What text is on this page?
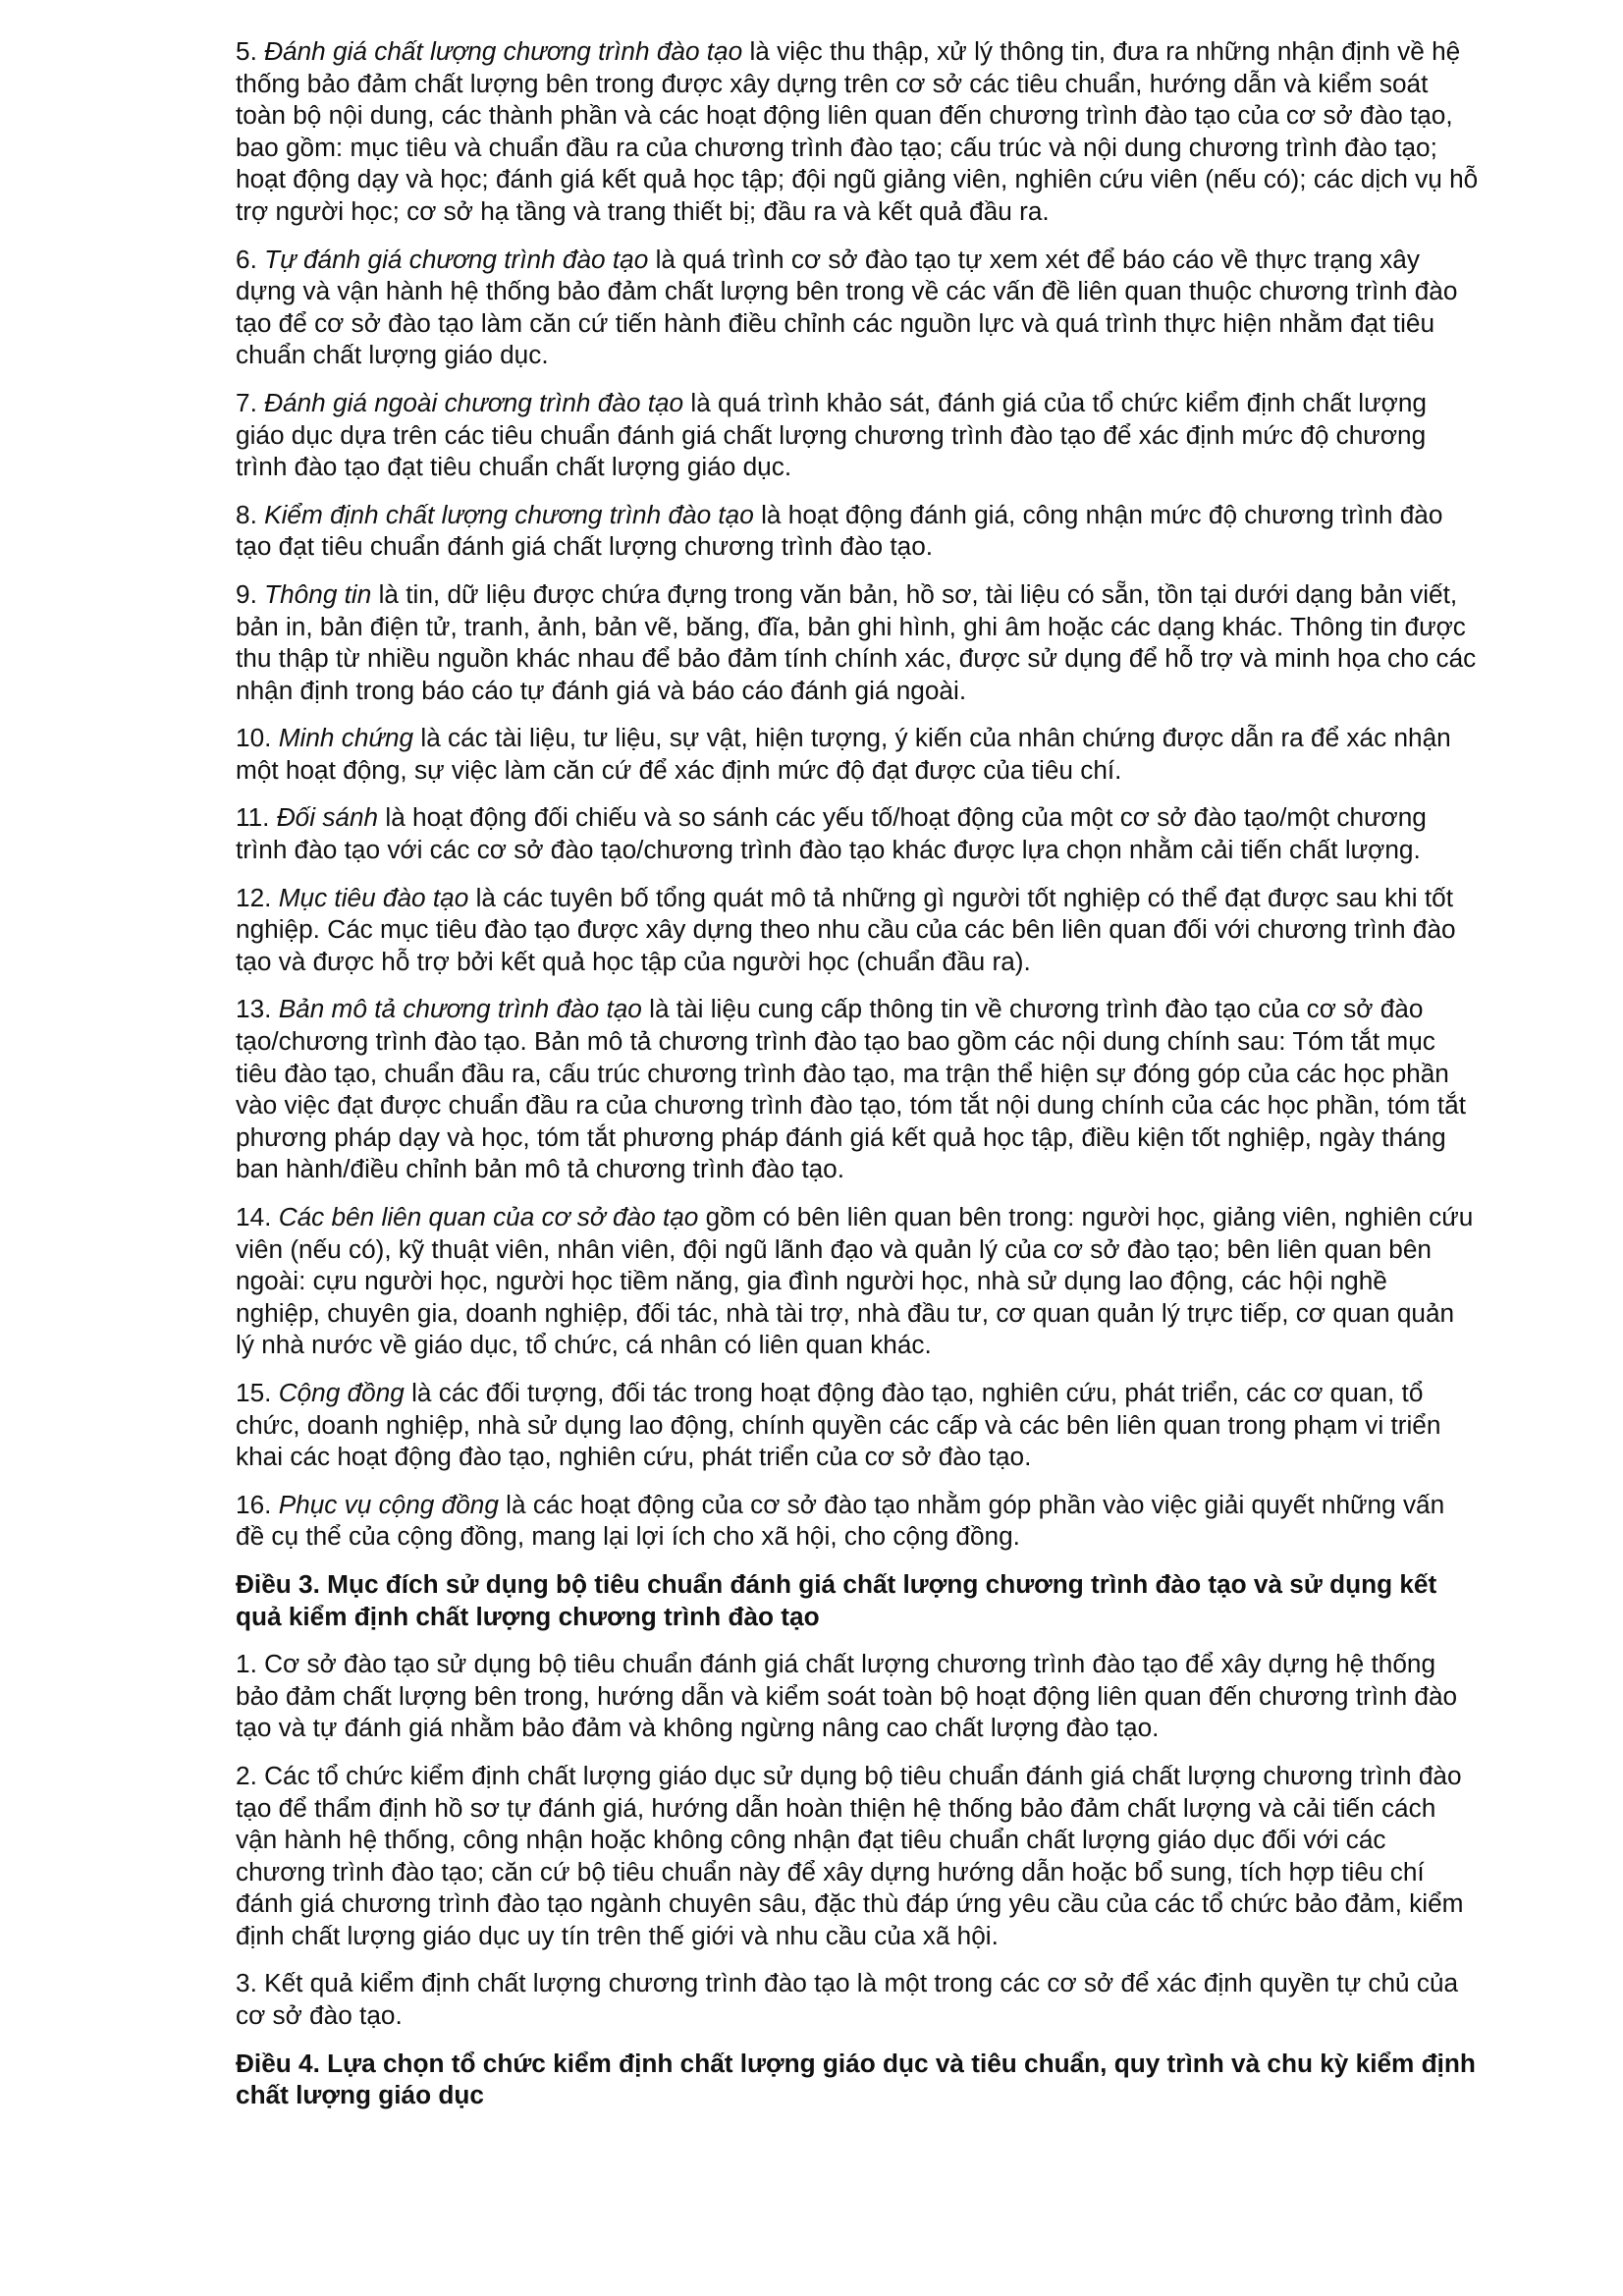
5. Đánh giá chất lượng chương trình đào tạo là việc thu thập, xử lý thông tin, đưa ra những nhận định về hệ thống bảo đảm chất lượng bên trong được xây dựng trên cơ sở các tiêu chuẩn, hướng dẫn và kiểm soát toàn bộ nội dung, các thành phần và các hoạt động liên quan đến chương trình đào tạo của cơ sở đào tạo, bao gồm: mục tiêu và chuẩn đầu ra của chương trình đào tạo; cấu trúc và nội dung chương trình đào tạo; hoạt động dạy và học; đánh giá kết quả học tập; đội ngũ giảng viên, nghiên cứu viên (nếu có); các dịch vụ hỗ trợ người học; cơ sở hạ tầng và trang thiết bị; đầu ra và kết quả đầu ra.

6. Tự đánh giá chương trình đào tạo là quá trình cơ sở đào tạo tự xem xét để báo cáo về thực trạng xây dựng và vận hành hệ thống bảo đảm chất lượng bên trong về các vấn đề liên quan thuộc chương trình đào tạo để cơ sở đào tạo làm căn cứ tiến hành điều chỉnh các nguồn lực và quá trình thực hiện nhằm đạt tiêu chuẩn chất lượng giáo dục.

7. Đánh giá ngoài chương trình đào tạo là quá trình khảo sát, đánh giá của tổ chức kiểm định chất lượng giáo dục dựa trên các tiêu chuẩn đánh giá chất lượng chương trình đào tạo để xác định mức độ chương trình đào tạo đạt tiêu chuẩn chất lượng giáo dục.

8. Kiểm định chất lượng chương trình đào tạo là hoạt động đánh giá, công nhận mức độ chương trình đào tạo đạt tiêu chuẩn đánh giá chất lượng chương trình đào tạo.

9. Thông tin là tin, dữ liệu được chứa đựng trong văn bản, hồ sơ, tài liệu có sẵn, tồn tại dưới dạng bản viết, bản in, bản điện tử, tranh, ảnh, bản vẽ, băng, đĩa, bản ghi hình, ghi âm hoặc các dạng khác. Thông tin được thu thập từ nhiều nguồn khác nhau để bảo đảm tính chính xác, được sử dụng để hỗ trợ và minh họa cho các nhận định trong báo cáo tự đánh giá và báo cáo đánh giá ngoài.

10. Minh chứng là các tài liệu, tư liệu, sự vật, hiện tượng, ý kiến của nhân chứng được dẫn ra để xác nhận một hoạt động, sự việc làm căn cứ để xác định mức độ đạt được của tiêu chí.

11. Đối sánh là hoạt động đối chiếu và so sánh các yếu tố/hoạt động của một cơ sở đào tạo/một chương trình đào tạo với các cơ sở đào tạo/chương trình đào tạo khác được lựa chọn nhằm cải tiến chất lượng.

12. Mục tiêu đào tạo là các tuyên bố tổng quát mô tả những gì người tốt nghiệp có thể đạt được sau khi tốt nghiệp. Các mục tiêu đào tạo được xây dựng theo nhu cầu của các bên liên quan đối với chương trình đào tạo và được hỗ trợ bởi kết quả học tập của người học (chuẩn đầu ra).

13. Bản mô tả chương trình đào tạo là tài liệu cung cấp thông tin về chương trình đào tạo của cơ sở đào tạo/chương trình đào tạo. Bản mô tả chương trình đào tạo bao gồm các nội dung chính sau: Tóm tắt mục tiêu đào tạo, chuẩn đầu ra, cấu trúc chương trình đào tạo, ma trận thể hiện sự đóng góp của các học phần vào việc đạt được chuẩn đầu ra của chương trình đào tạo, tóm tắt nội dung chính của các học phần, tóm tắt phương pháp dạy và học, tóm tắt phương pháp đánh giá kết quả học tập, điều kiện tốt nghiệp, ngày tháng ban hành/điều chỉnh bản mô tả chương trình đào tạo.

14. Các bên liên quan của cơ sở đào tạo gồm có bên liên quan bên trong: người học, giảng viên, nghiên cứu viên (nếu có), kỹ thuật viên, nhân viên, đội ngũ lãnh đạo và quản lý của cơ sở đào tạo; bên liên quan bên ngoài: cựu người học, người học tiềm năng, gia đình người học, nhà sử dụng lao động, các hội nghề nghiệp, chuyên gia, doanh nghiệp, đối tác, nhà tài trợ, nhà đầu tư, cơ quan quản lý trực tiếp, cơ quan quản lý nhà nước về giáo dục, tổ chức, cá nhân có liên quan khác.

15. Cộng đồng là các đối tượng, đối tác trong hoạt động đào tạo, nghiên cứu, phát triển, các cơ quan, tổ chức, doanh nghiệp, nhà sử dụng lao động, chính quyền các cấp và các bên liên quan trong phạm vi triển khai các hoạt động đào tạo, nghiên cứu, phát triển của cơ sở đào tạo.

16. Phục vụ cộng đồng là các hoạt động của cơ sở đào tạo nhằm góp phần vào việc giải quyết những vấn đề cụ thể của cộng đồng, mang lại lợi ích cho xã hội, cho cộng đồng.

Điều 3. Mục đích sử dụng bộ tiêu chuẩn đánh giá chất lượng chương trình đào tạo và sử dụng kết quả kiểm định chất lượng chương trình đào tạo

1. Cơ sở đào tạo sử dụng bộ tiêu chuẩn đánh giá chất lượng chương trình đào tạo để xây dựng hệ thống bảo đảm chất lượng bên trong, hướng dẫn và kiểm soát toàn bộ hoạt động liên quan đến chương trình đào tạo và tự đánh giá nhằm bảo đảm và không ngừng nâng cao chất lượng đào tạo.

2. Các tổ chức kiểm định chất lượng giáo dục sử dụng bộ tiêu chuẩn đánh giá chất lượng chương trình đào tạo để thẩm định hồ sơ tự đánh giá, hướng dẫn hoàn thiện hệ thống bảo đảm chất lượng và cải tiến cách vận hành hệ thống, công nhận hoặc không công nhận đạt tiêu chuẩn chất lượng giáo dục đối với các chương trình đào tạo; căn cứ bộ tiêu chuẩn này để xây dựng hướng dẫn hoặc bổ sung, tích hợp tiêu chí đánh giá chương trình đào tạo ngành chuyên sâu, đặc thù đáp ứng yêu cầu của các tổ chức bảo đảm, kiểm định chất lượng giáo dục uy tín trên thế giới và nhu cầu của xã hội.

3. Kết quả kiểm định chất lượng chương trình đào tạo là một trong các cơ sở để xác định quyền tự chủ của cơ sở đào tạo.

Điều 4. Lựa chọn tổ chức kiểm định chất lượng giáo dục và tiêu chuẩn, quy trình và chu kỳ kiểm định chất lượng giáo dục
